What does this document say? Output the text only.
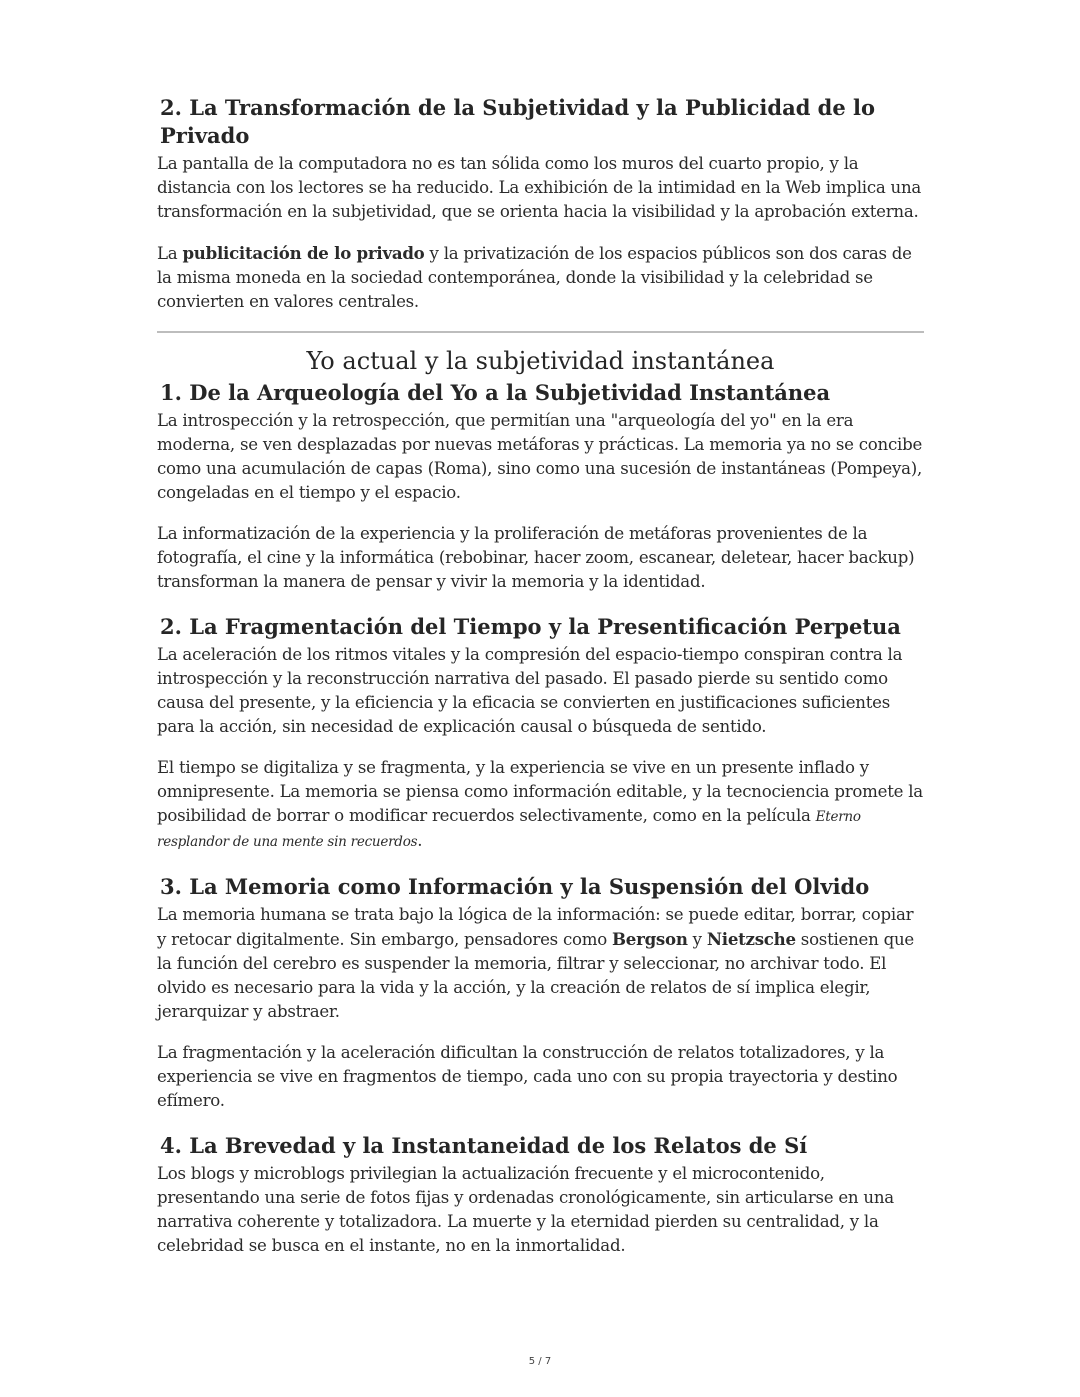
2. La Transformación de la Subjetividad y la Publicidad de lo Privado

La pantalla de la computadora no es tan sólida como los muros del cuarto propio, y la distancia con los lectores se ha reducido. La exhibición de la intimidad en la Web implica una transformación en la subjetividad, que se orienta hacia la visibilidad y la aprobación externa.

La publicitación de lo privado y la privatización de los espacios públicos son dos caras de la misma moneda en la sociedad contemporánea, donde la visibilidad y la celebridad se convierten en valores centrales.

Yo actual y la subjetividad instantánea
1. De la Arqueología del Yo a la Subjetividad Instantánea

La introspección y la retrospección, que permitían una "arqueología del yo" en la era moderna, se ven desplazadas por nuevas metáforas y prácticas. La memoria ya no se concibe como una acumulación de capas (Roma), sino como una sucesión de instantáneas (Pompeya), congeladas en el tiempo y el espacio.

La informatización de la experiencia y la proliferación de metáforas provenientes de la fotografía, el cine y la informática (rebobinar, hacer zoom, escanear, deletear, hacer backup) transforman la manera de pensar y vivir la memoria y la identidad.

2. La Fragmentación del Tiempo y la Presentificación Perpetua

La aceleración de los ritmos vitales y la compresión del espacio-tiempo conspiran contra la introspección y la reconstrucción narrativa del pasado. El pasado pierde su sentido como causa del presente, y la eficiencia y la eficacia se convierten en justificaciones suficientes para la acción, sin necesidad de explicación causal o búsqueda de sentido.

El tiempo se digitaliza y se fragmenta, y la experiencia se vive en un presente inflado y omnipresente. La memoria se piensa como información editable, y la tecnociencia promete la posibilidad de borrar o modificar recuerdos selectivamente, como en la película Eterno resplandor de una mente sin recuerdos.

3. La Memoria como Información y la Suspensión del Olvido

La memoria humana se trata bajo la lógica de la información: se puede editar, borrar, copiar y retocar digitalmente. Sin embargo, pensadores como Bergson y Nietzsche sostienen que la función del cerebro es suspender la memoria, filtrar y seleccionar, no archivar todo. El olvido es necesario para la vida y la acción, y la creación de relatos de sí implica elegir, jerarquizar y abstraer.

La fragmentación y la aceleración dificultan la construcción de relatos totalizadores, y la experiencia se vive en fragmentos de tiempo, cada uno con su propia trayectoria y destino efímero.

4. La Brevedad y la Instantaneidad de los Relatos de Sí

Los blogs y microblogs privilegian la actualización frecuente y el microcontenido, presentando una serie de fotos fijas y ordenadas cronológicamente, sin articularse en una narrativa coherente y totalizadora. La muerte y la eternidad pierden su centralidad, y la celebridad se busca en el instante, no en la inmortalidad.

5 / 7
